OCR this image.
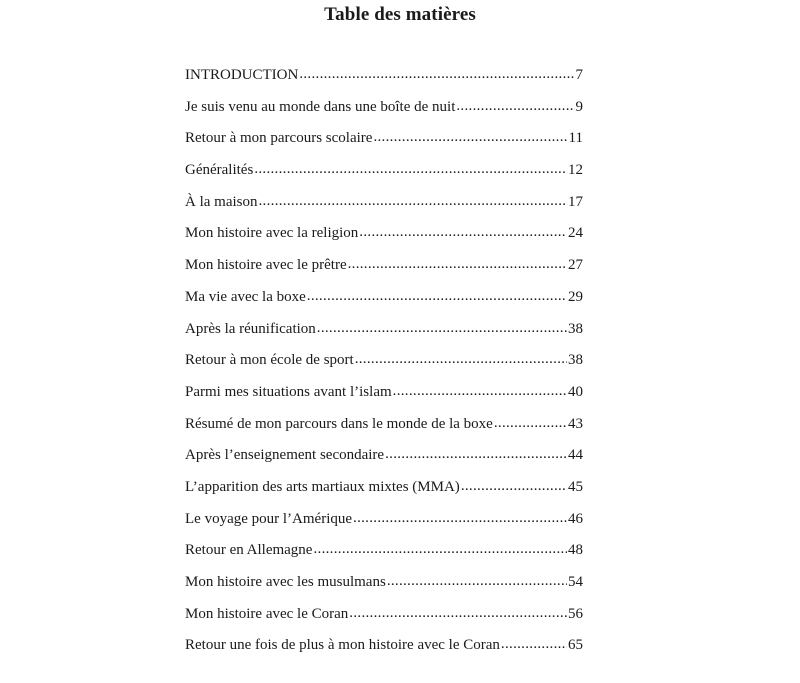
Table des matières
INTRODUCTION .....	7
Je suis venu au monde dans une boîte de nuit .....	9
Retour à mon parcours scolaire .....	11
Généralités .....	12
À la maison .....	17
Mon histoire avec la religion .....	24
Mon histoire avec le prêtre .....	27
Ma vie avec la boxe .....	29
Après la réunification .....	38
Retour à mon école de sport .....	38
Parmi mes situations avant l’islam .....	40
Résumé de mon parcours dans le monde de la boxe .....	43
Après l’enseignement secondaire .....	44
L’apparition des arts martiaux mixtes (MMA) .....	45
Le voyage pour l’Amérique .....	46
Retour en Allemagne .....	48
Mon histoire avec les musulmans .....	54
Mon histoire avec le Coran .....	56
Retour une fois de plus à mon histoire avec le Coran .....	65
